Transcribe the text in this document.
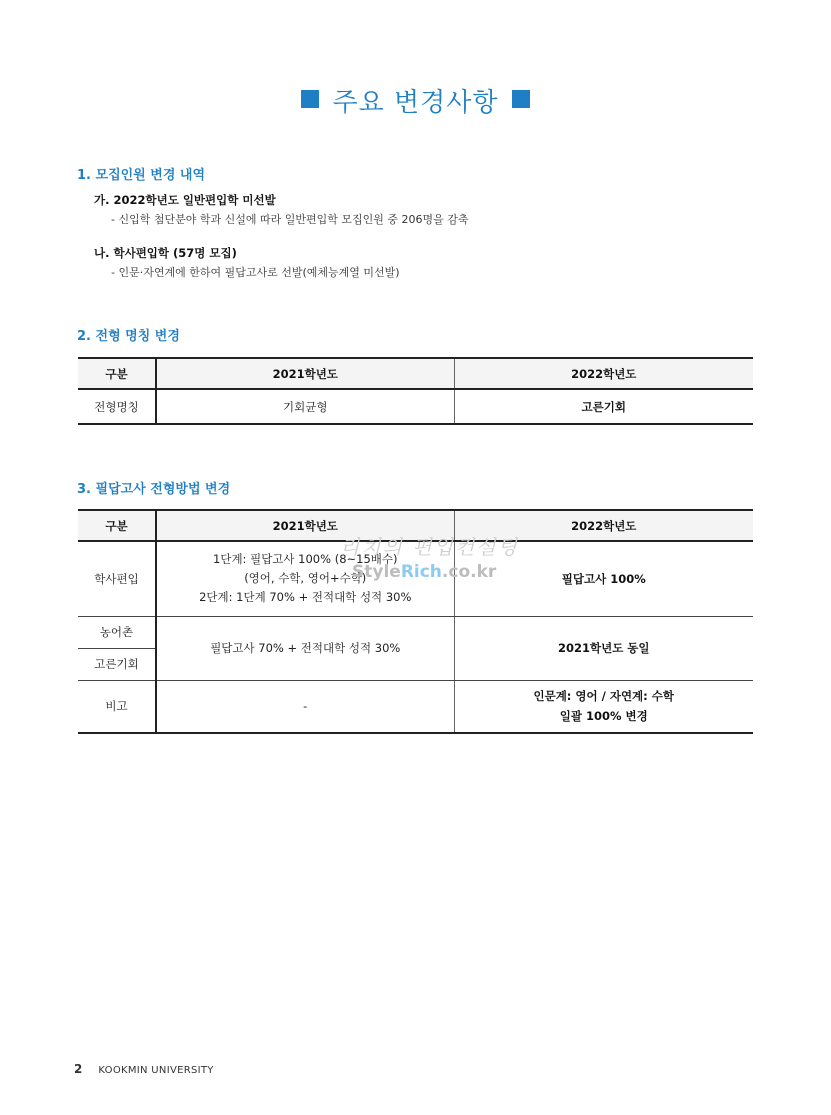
주요 변경사항
1. 모집인원 변경 내역
가. 2022학년도 일반편입학 미선발
- 신입학 첨단분야 학과 신설에 따라 일반편입학 모집인원 중 206명을 감축
나. 학사편입학 (57명 모집)
- 인문·자연계에 한하여 필답고사로 선발(예체능계열 미선발)
2. 전형 명칭 변경
구분	2021학년도	2022학년도
전형명칭	기회균형	고른기회
3. 필답고사 전형방법 변경
구분	2021학년도	2022학년도
학사편입	1단계: 필답고사 100% (8~15배수)
(영어, 수학, 영어+수학)
2단계: 1단계 70% + 전적대학 성적 30%	필답고사 100%
농어촌	필답고사 70% + 전적대학 성적 30%	2021학년도 동일
고른기회		
비고	-	인문계: 영어 / 자연계: 수학
일괄 100% 변경
리치의 편입컨설팅
StyleRich.co.kr
2 KOOKMIN UNIVERSITY
